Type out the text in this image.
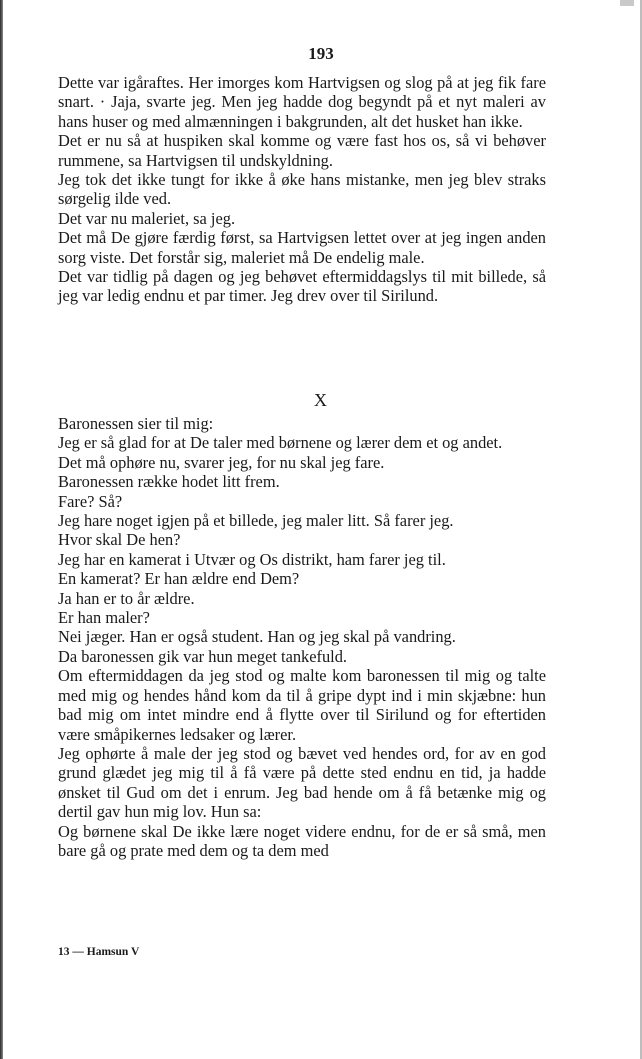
193

Dette var igåraftes. Her imorges kom Hartvigsen og slog på at jeg fik fare snart. · Jaja, svarte jeg. Men jeg hadde dog begyndt på et nyt maleri av hans huser og med almænningen i bakgrunden, alt det husket han ikke.

Det er nu så at huspiken skal komme og være fast hos os, så vi behøver rummene, sa Hartvigsen til undskyldning.

Jeg tok det ikke tungt for ikke å øke hans mistanke, men jeg blev straks sørgelig ilde ved.

Det var nu maleriet, sa jeg.

Det må De gjøre færdig først, sa Hartvigsen lettet over at jeg ingen anden sorg viste. Det forstår sig, maleriet må De endelig male.

Det var tidlig på dagen og jeg behøvet eftermiddagslys til mit billede, så jeg var ledig endnu et par timer. Jeg drev over til Sirilund.

X

Baronessen sier til mig:

Jeg er så glad for at De taler med børnene og lærer dem et og andet.

Det må ophøre nu, svarer jeg, for nu skal jeg fare.

Baronessen række hodet litt frem.

Fare? Så?

Jeg hare noget igjen på et billede, jeg maler litt. Så farer jeg.

Hvor skal De hen?

Jeg har en kamerat i Utvær og Os distrikt, ham farer jeg til.

En kamerat? Er han ældre end Dem?

Ja han er to år ældre.

Er han maler?

Nei jæger. Han er også student. Han og jeg skal på vandring.

Da baronessen gik var hun meget tankefuld.

Om eftermiddagen da jeg stod og malte kom baronessen til mig og talte med mig og hendes hånd kom da til å gripe dypt ind i min skjæbne: hun bad mig om intet mindre end å flytte over til Sirilund og for eftertiden være småpikernes ledsaker og lærer.

Jeg ophørte å male der jeg stod og bævet ved hendes ord, for av en god grund glædet jeg mig til å få være på dette sted endnu en tid, ja hadde ønsket til Gud om det i enrum. Jeg bad hende om å få betænke mig og dertil gav hun mig lov. Hun sa:

Og børnene skal De ikke lære noget videre endnu, for de er så små, men bare gå og prate med dem og ta dem med

13 — Hamsun V
